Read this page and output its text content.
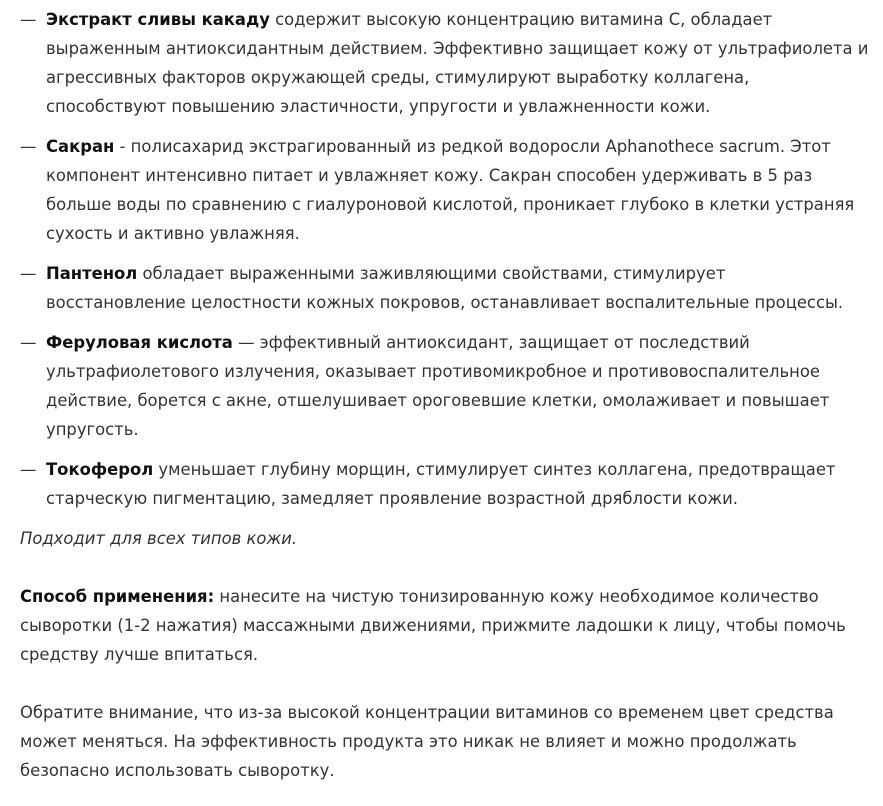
— Экстракт сливы какаду содержит высокую концентрацию витамина С, обладает выраженным антиоксидантным действием. Эффективно защищает кожу от ультрафиолета и агрессивных факторов окружающей среды, стимулируют выработку коллагена, способствуют повышению эластичности, упругости и увлажненности кожи.
— Сакран - полисахарид экстрагированный из редкой водоросли Aphanothece sacrum. Этот компонент интенсивно питает и увлажняет кожу. Сакран способен удерживать в 5 раз больше воды по сравнению с гиалуроновой кислотой, проникает глубоко в клетки устраняя сухость и активно увлажняя.
— Пантенол обладает выраженными заживляющими свойствами, стимулирует восстановление целостности кожных покровов, останавливает воспалительные процессы.
— Феруловая кислота — эффективный антиоксидант, защищает от последствий ультрафиолетового излучения, оказывает противомикробное и противовоспалительное действие, борется с акне, отшелушивает ороговевшие клетки, омолаживает и повышает упругость.
— Токоферол уменьшает глубину морщин, стимулирует синтез коллагена, предотвращает старческую пигментацию, замедляет проявление возрастной дряблости кожи.

Подходит для всех типов кожи.

Способ применения: нанесите на чистую тонизированную кожу необходимое количество сыворотки (1-2 нажатия) массажными движениями, прижмите ладошки к лицу, чтобы помочь средству лучше впитаться.

Обратите внимание, что из-за высокой концентрации витаминов со временем цвет средства может меняться. На эффективность продукта это никак не влияет и можно продолжать безопасно использовать сыворотку.
